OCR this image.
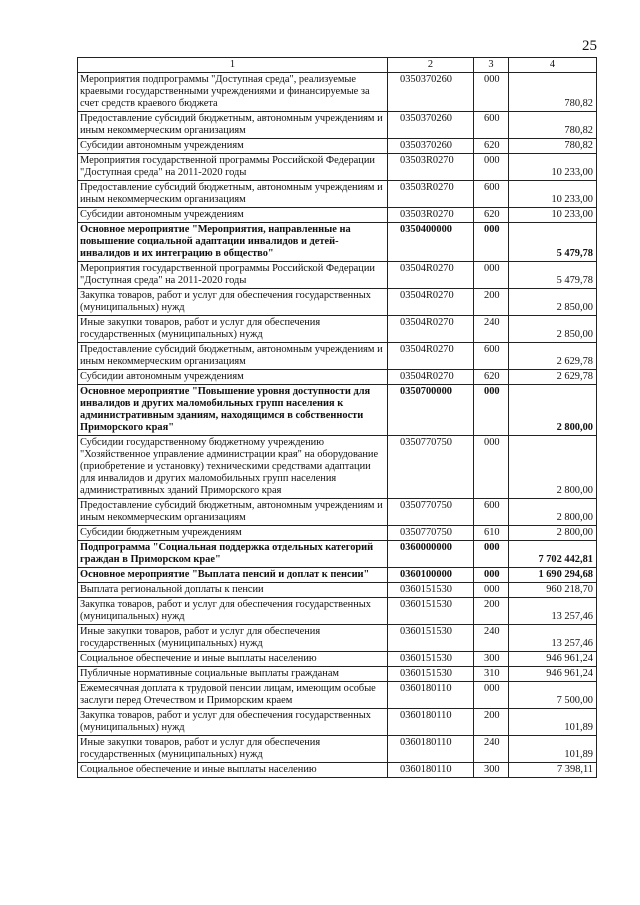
25
1	2	3	4
Мероприятия подпрограммы "Доступная среда", реализуемые краевыми государственными учреждениями и финансируемые за счет средств краевого бюджета	0350370260	000	780,82
Предоставление субсидий бюджетным, автономным учреждениям и иным некоммерческим организациям	0350370260	600	780,82
Субсидии автономным учреждениям	0350370260	620	780,82
Мероприятия государственной программы Российской Федерации "Доступная среда" на 2011-2020 годы	03503R0270	000	10 233,00
Предоставление субсидий бюджетным, автономным учреждениям и иным некоммерческим организациям	03503R0270	600	10 233,00
Субсидии автономным учреждениям	03503R0270	620	10 233,00
Основное мероприятие "Мероприятия, направленные на повышение социальной адаптации инвалидов и детей-инвалидов и их интеграцию в общество"	0350400000	000	5 479,78
Мероприятия государственной программы Российской Федерации "Доступная среда" на 2011-2020 годы	03504R0270	000	5 479,78
Закупка товаров, работ и услуг для обеспечения государственных (муниципальных) нужд	03504R0270	200	2 850,00
Иные закупки товаров, работ и услуг для обеспечения государственных (муниципальных) нужд	03504R0270	240	2 850,00
Предоставление субсидий бюджетным, автономным учреждениям и иным некоммерческим организациям	03504R0270	600	2 629,78
Субсидии автономным учреждениям	03504R0270	620	2 629,78
Основное мероприятие "Повышение уровня доступности для инвалидов и других маломобильных групп населения к административным зданиям, находящимся в собственности Приморского края"	0350700000	000	2 800,00
Субсидии государственному бюджетному учреждению "Хозяйственное управление администрации края" на оборудование (приобретение и установку) техническими средствами адаптации для инвалидов и других маломобильных групп населения административных зданий Приморского края	0350770750	000	2 800,00
Предоставление субсидий бюджетным, автономным учреждениям и иным некоммерческим организациям	0350770750	600	2 800,00
Субсидии бюджетным учреждениям	0350770750	610	2 800,00
Подпрограмма "Социальная поддержка отдельных категорий граждан в Приморском крае"	0360000000	000	7 702 442,81
Основное мероприятие "Выплата пенсий и доплат к пенсии"	0360100000	000	1 690 294,68
Выплата региональной доплаты к пенсии	0360151530	000	960 218,70
Закупка товаров, работ и услуг для обеспечения государственных (муниципальных) нужд	0360151530	200	13 257,46
Иные закупки товаров, работ и услуг для обеспечения государственных (муниципальных) нужд	0360151530	240	13 257,46
Социальное обеспечение и иные выплаты населению	0360151530	300	946 961,24
Публичные нормативные социальные выплаты гражданам	0360151530	310	946 961,24
Ежемесячная доплата к трудовой пенсии лицам, имеющим особые заслуги перед Отечеством и Приморским краем	0360180110	000	7 500,00
Закупка товаров, работ и услуг для обеспечения государственных (муниципальных) нужд	0360180110	200	101,89
Иные закупки товаров, работ и услуг для обеспечения государственных (муниципальных) нужд	0360180110	240	101,89
Социальное обеспечение и иные выплаты населению	0360180110	300	7 398,11
